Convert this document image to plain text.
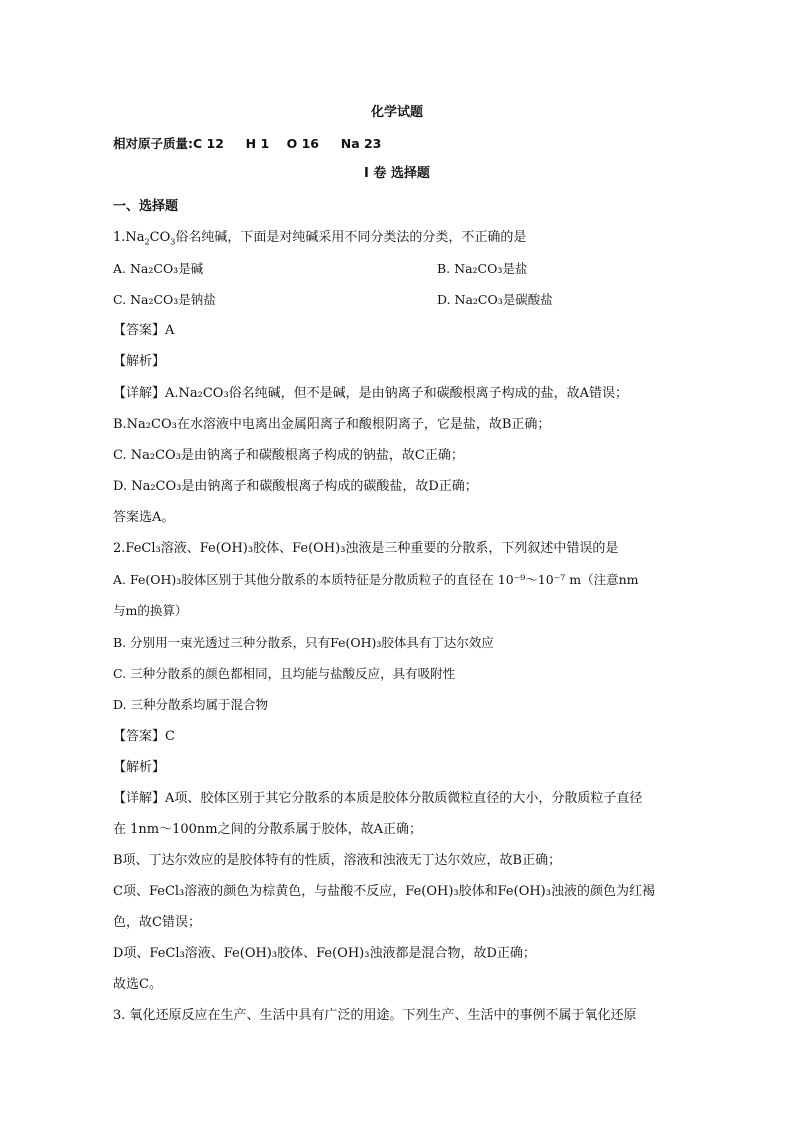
化学试题
相对原子质量:C 12     H 1    O 16     Na 23
I 卷 选择题
一、选择题
$1.Na_2CO_3$俗名纯碱，下面是对纯碱采用不同分类法的分类，不正确的是
A. Na₂CO₃是碱	B. Na₂CO₃是盐
C. Na₂CO₃是钠盐	D. Na₂CO₃是碳酸盐
【答案】A
【解析】
【详解】A.Na₂CO₃俗名纯碱，但不是碱，是由钠离子和碳酸根离子构成的盐，故A错误；
B.Na₂CO₃在水溶液中电离出金属阳离子和酸根阴离子，它是盐，故B正确；
C. Na₂CO₃是由钠离子和碳酸根离子构成的钠盐，故C正确；
D. Na₂CO₃是由钠离子和碳酸根离子构成的碳酸盐，故D正确；
答案选A。
2.FeCl₃溶液、Fe(OH)₃胶体、Fe(OH)₃浊液是三种重要的分散系，下列叙述中错误的是
A. Fe(OH)₃胶体区别于其他分散系的本质特征是分散质粒子的直径在 10⁻⁹～10⁻⁷ m（注意nm
与m的换算）
B. 分别用一束光透过三种分散系，只有Fe(OH)₃胶体具有丁达尔效应
C. 三种分散系的颜色都相同，且均能与盐酸反应，具有吸附性
D. 三种分散系均属于混合物
【答案】C
【解析】
【详解】A项、胶体区别于其它分散系的本质是胶体分散质微粒直径的大小，分散质粒子直径
在 1nm～100nm之间的分散系属于胶体，故A正确；
B项、丁达尔效应的是胶体特有的性质，溶液和浊液无丁达尔效应，故B正确；
C项、FeCl₃溶液的颜色为棕黄色，与盐酸不反应，Fe(OH)₃胶体和Fe(OH)₃浊液的颜色为红褐
色，故C错误；
D项、FeCl₃溶液、Fe(OH)₃胶体、Fe(OH)₃浊液都是混合物，故D正确；
故选C。
3. 氧化还原反应在生产、生活中具有广泛的用途。下列生产、生活中的事例不属于氧化还原
